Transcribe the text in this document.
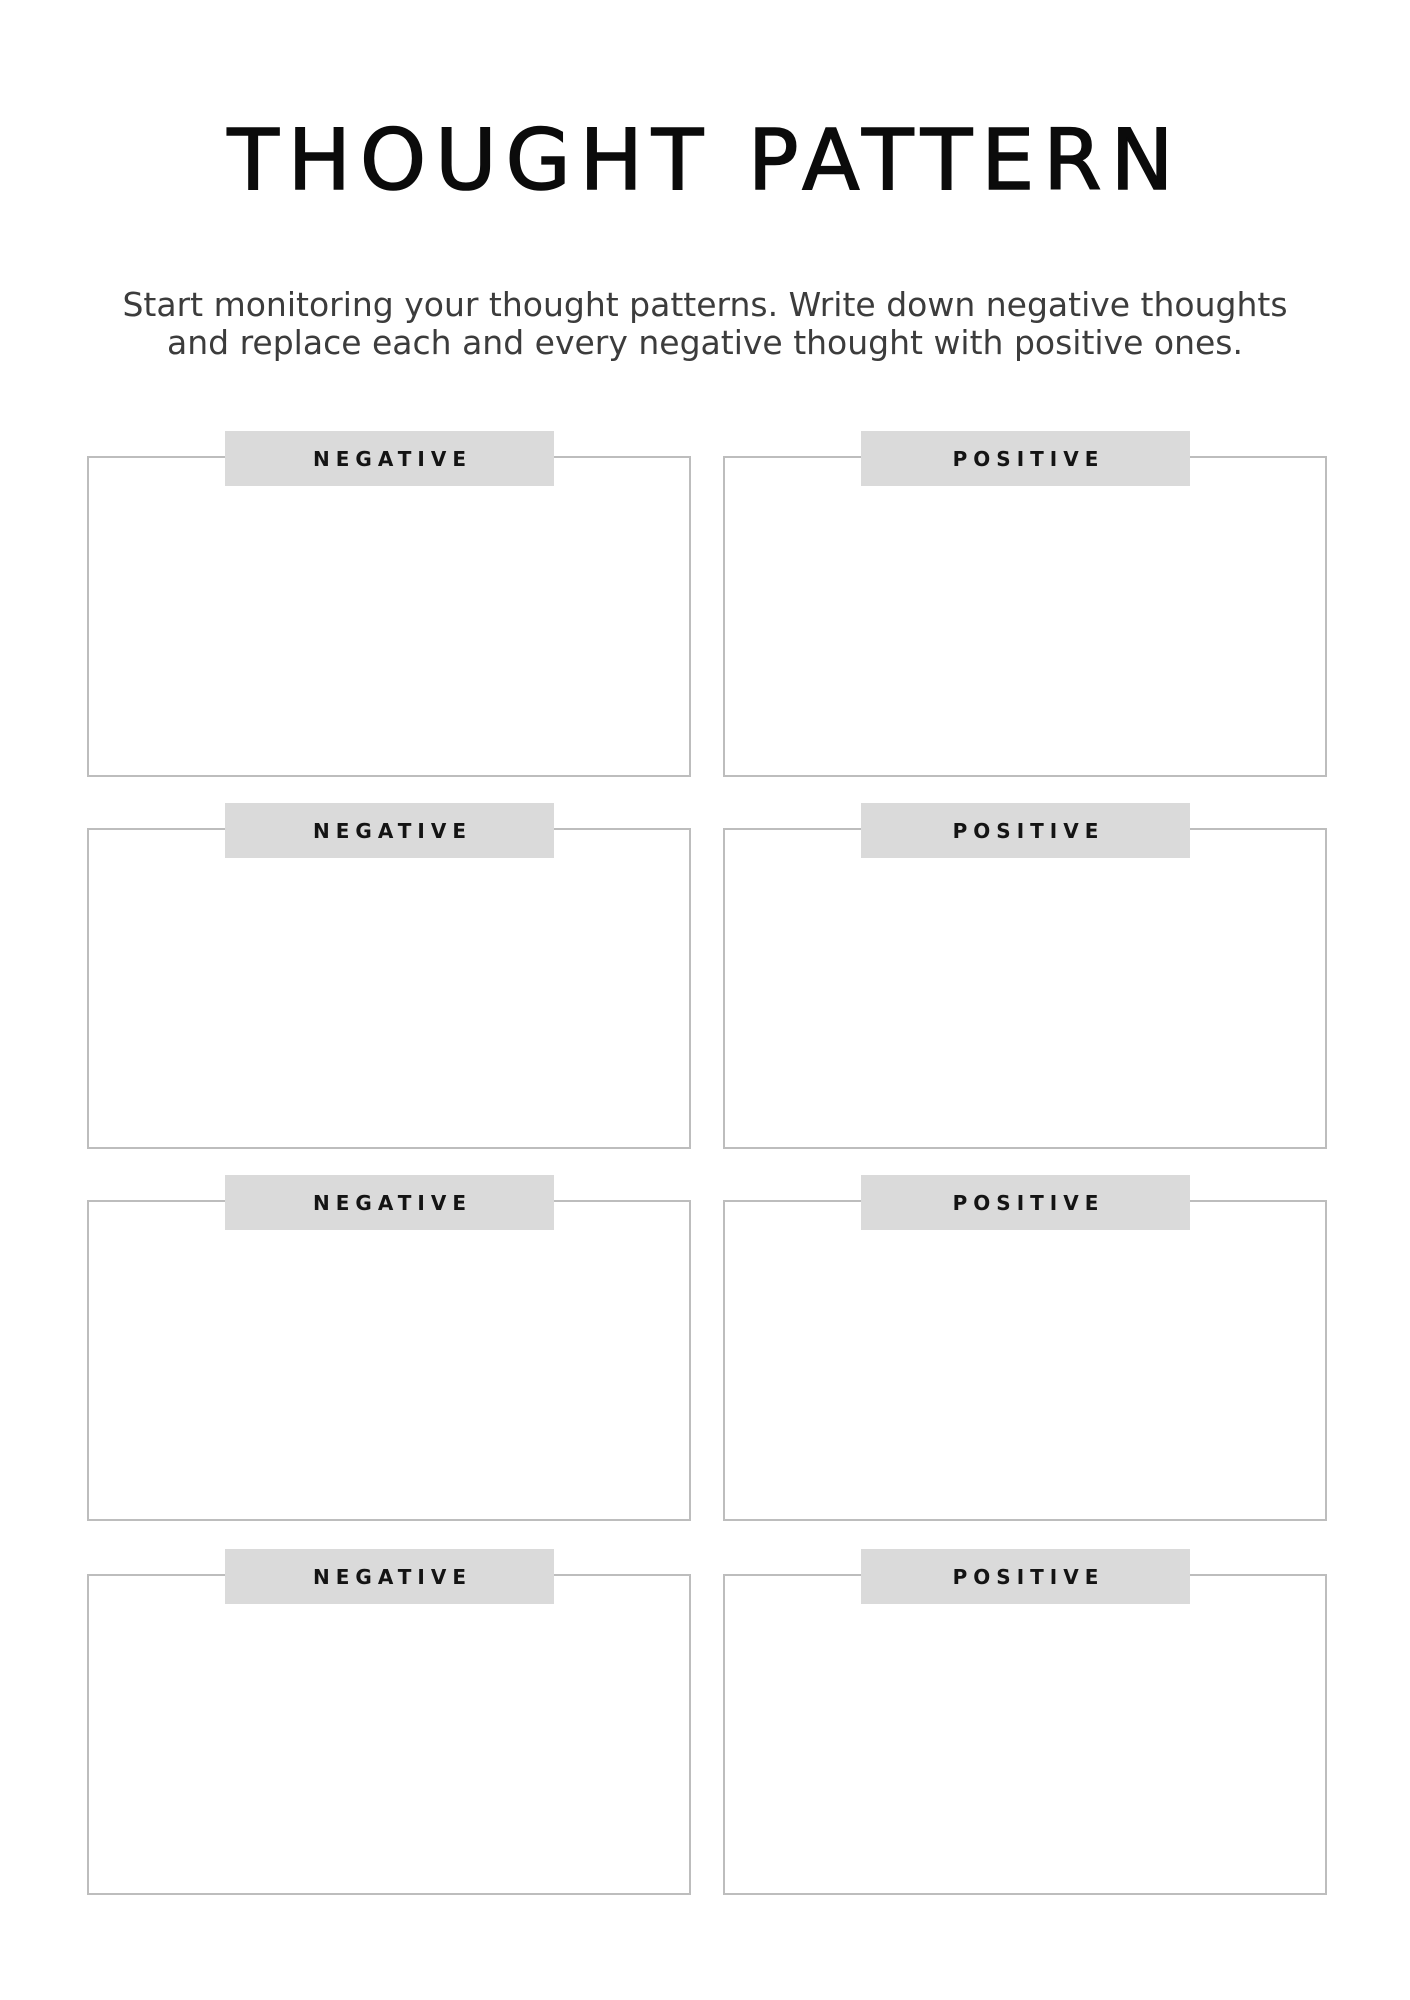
THOUGHT PATTERN

Start monitoring your thought patterns. Write down negative thoughts
and replace each and every negative thought with positive ones.

NEGATIVE	POSITIVE
NEGATIVE	POSITIVE
NEGATIVE	POSITIVE
NEGATIVE	POSITIVE
